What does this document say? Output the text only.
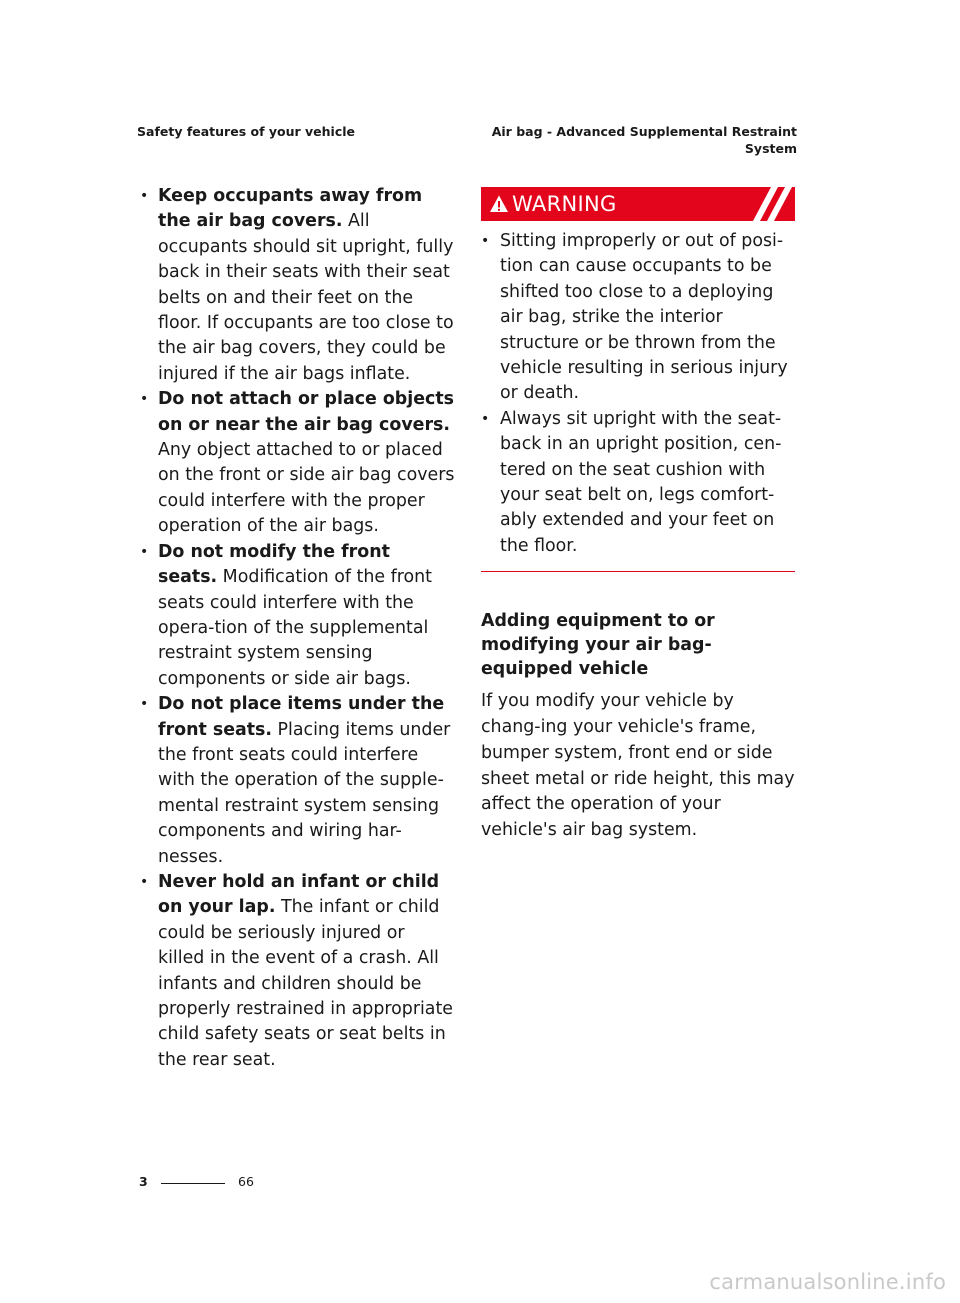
Safety features of your vehicle	Air bag - Advanced Supplemental Restraint
System
• Keep occupants away from the air bag covers. All occupants should sit upright, fully back in their seats with their seat belts on and their feet on the floor. If occupants are too close to the air bag covers, they could be injured if the air bags inflate.
• Do not attach or place objects on or near the air bag covers. Any object attached to or placed on the front or side air bag covers could interfere with the proper operation of the air bags.
• Do not modify the front seats. Modification of the front seats could interfere with the opera-tion of the supplemental restraint system sensing components or side air bags.
• Do not place items under the front seats. Placing items under the front seats could interfere with the operation of the supple-mental restraint system sensing components and wiring har-nesses.
• Never hold an infant or child on your lap. The infant or child could be seriously injured or killed in the event of a crash. All infants and children should be properly restrained in appropriate child safety seats or seat belts in the rear seat.
WARNING
• Sitting improperly or out of posi-tion can cause occupants to be shifted too close to a deploying air bag, strike the interior structure or be thrown from the vehicle resulting in serious injury or death.
• Always sit upright with the seat-back in an upright position, cen-tered on the seat cushion with your seat belt on, legs comfort-ably extended and your feet on the floor.
Adding equipment to or modifying your air bag-equipped vehicle
If you modify your vehicle by chang-ing your vehicle's frame, bumper system, front end or side sheet metal or ride height, this may affect the operation of your vehicle's air bag system.
3	66
carmanualsonline.info
